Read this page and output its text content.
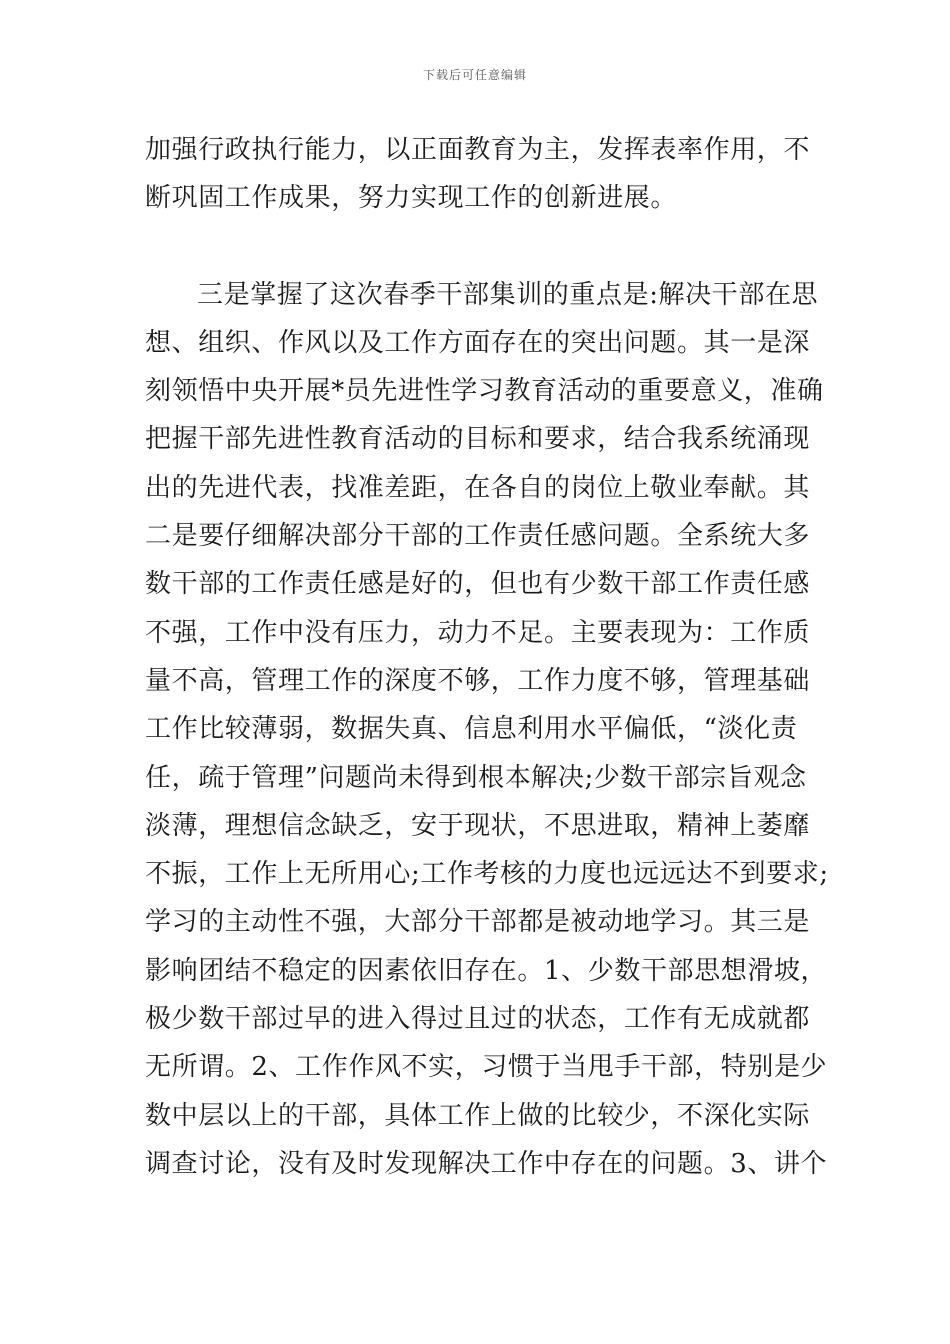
下载后可任意编辑
加强行政执行能力，以正面教育为主，发挥表率作用，不
断巩固工作成果，努力实现工作的创新进展。
三是掌握了这次春季干部集训的重点是:解决干部在思
想、组织、作风以及工作方面存在的突出问题。其一是深
刻领悟中央开展*员先进性学习教育活动的重要意义，准确
把握干部先进性教育活动的目标和要求，结合我系统涌现
出的先进代表，找准差距，在各自的岗位上敬业奉献。其
二是要仔细解决部分干部的工作责任感问题。全系统大多
数干部的工作责任感是好的，但也有少数干部工作责任感
不强，工作中没有压力，动力不足。主要表现为：工作质
量不高，管理工作的深度不够，工作力度不够，管理基础
工作比较薄弱，数据失真、信息利用水平偏低，“淡化责
任，疏于管理”问题尚未得到根本解决;少数干部宗旨观念
淡薄，理想信念缺乏，安于现状，不思进取，精神上萎靡
不振，工作上无所用心;工作考核的力度也远远达不到要求;
学习的主动性不强，大部分干部都是被动地学习。其三是
影响团结不稳定的因素依旧存在。1、少数干部思想滑坡，
极少数干部过早的进入得过且过的状态，工作有无成就都
无所谓。2、工作作风不实，习惯于当甩手干部，特别是少
数中层以上的干部，具体工作上做的比较少，不深化实际
调查讨论，没有及时发现解决工作中存在的问题。3、讲个
